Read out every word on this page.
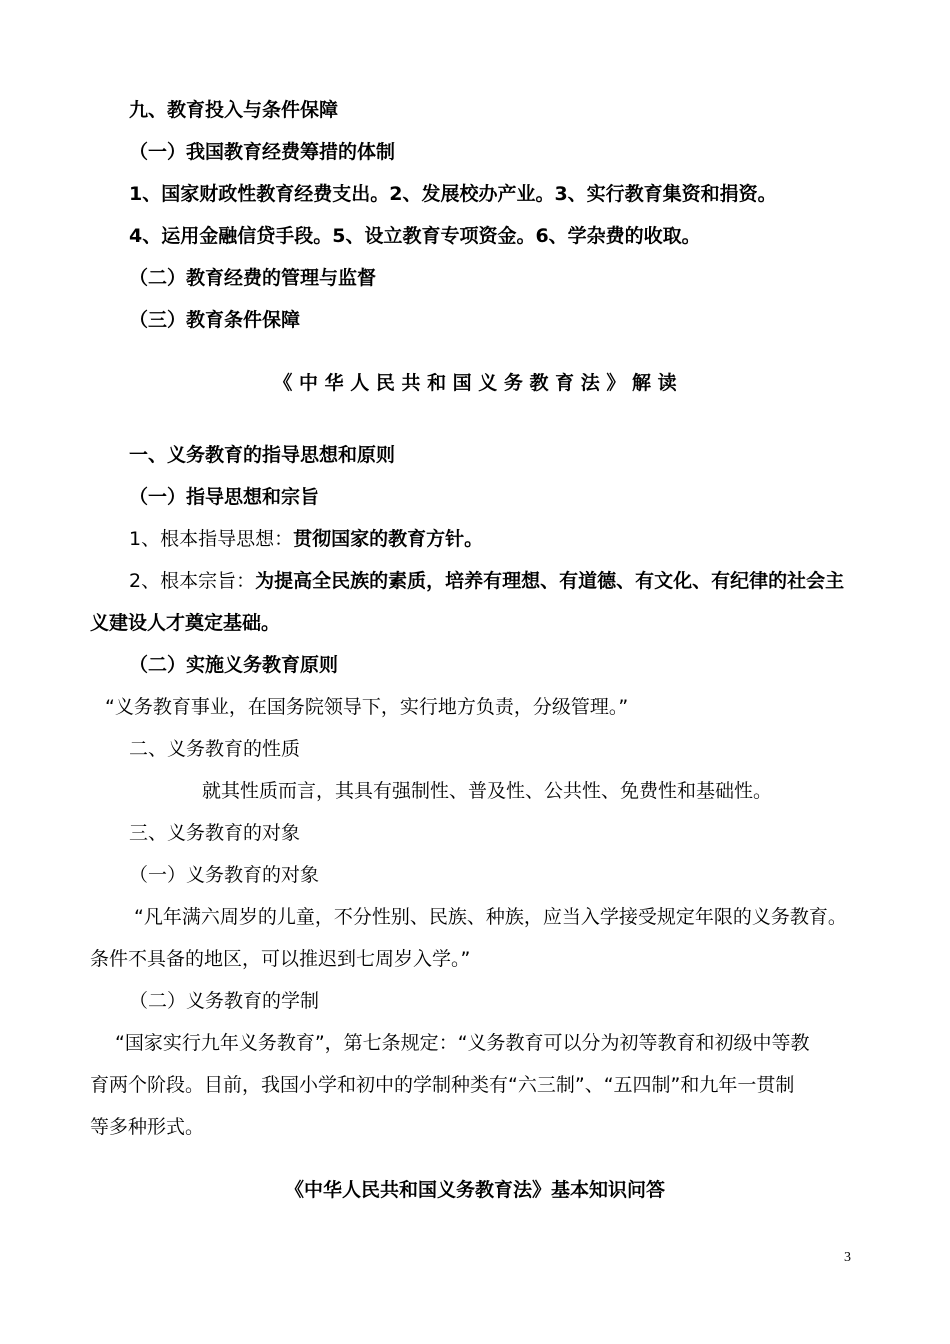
九、教育投入与条件保障
（一）我国教育经费筹措的体制
1、国家财政性教育经费支出。2、发展校办产业。3、实行教育集资和捐资。
4、运用金融信贷手段。5、设立教育专项资金。6、学杂费的收取。
（二）教育经费的管理与监督
（三）教育条件保障
《 中 华 人 民 共 和 国 义 务 教 育 法 》 解 读
一、义务教育的指导思想和原则
（一）指导思想和宗旨
1、根本指导思想：贯彻国家的教育方针。
2、根本宗旨：为提高全民族的素质，培养有理想、有道德、有文化、有纪律的社会主
义建设人才奠定基础。
（二）实施义务教育原则
“义务教育事业，在国务院领导下，实行地方负责，分级管理。”
二、义务教育的性质
就其性质而言，其具有强制性、普及性、公共性、免费性和基础性。
三、义务教育的对象
（一）义务教育的对象
“凡年满六周岁的儿童，不分性别、民族、种族，应当入学接受规定年限的义务教育。
条件不具备的地区，可以推迟到七周岁入学。”
（二）义务教育的学制
“国家实行九年义务教育”，第七条规定：“义务教育可以分为初等教育和初级中等教
育两个阶段。目前，我国小学和初中的学制种类有“六三制”、“五四制”和九年一贯制
等多种形式。
《中华人民共和国义务教育法》基本知识问答
3
